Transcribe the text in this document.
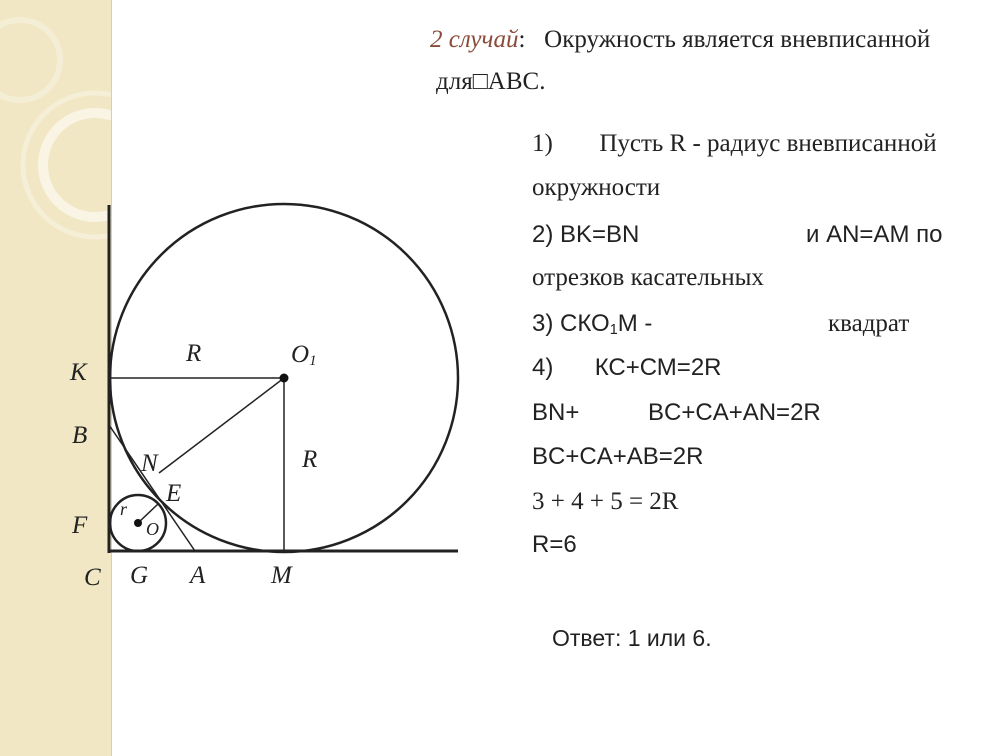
2 случай: Окружность является вневписанной
для□ABC.
K
B
F
C G A	M
N
E
R
R
$O_1$
O
r
1) Пусть R - радиус вневписанной
окружности
2) BK=BN	и AN=AM по
отрезков касательных
3) $СКО_1М$ -	квадрат
4) КС+СМ=2R
BN+	BC+CA+AN=2R
BC+CA+AB=2R
3 + 4 + 5 = 2R
R=6
Ответ: 1 или 6.
